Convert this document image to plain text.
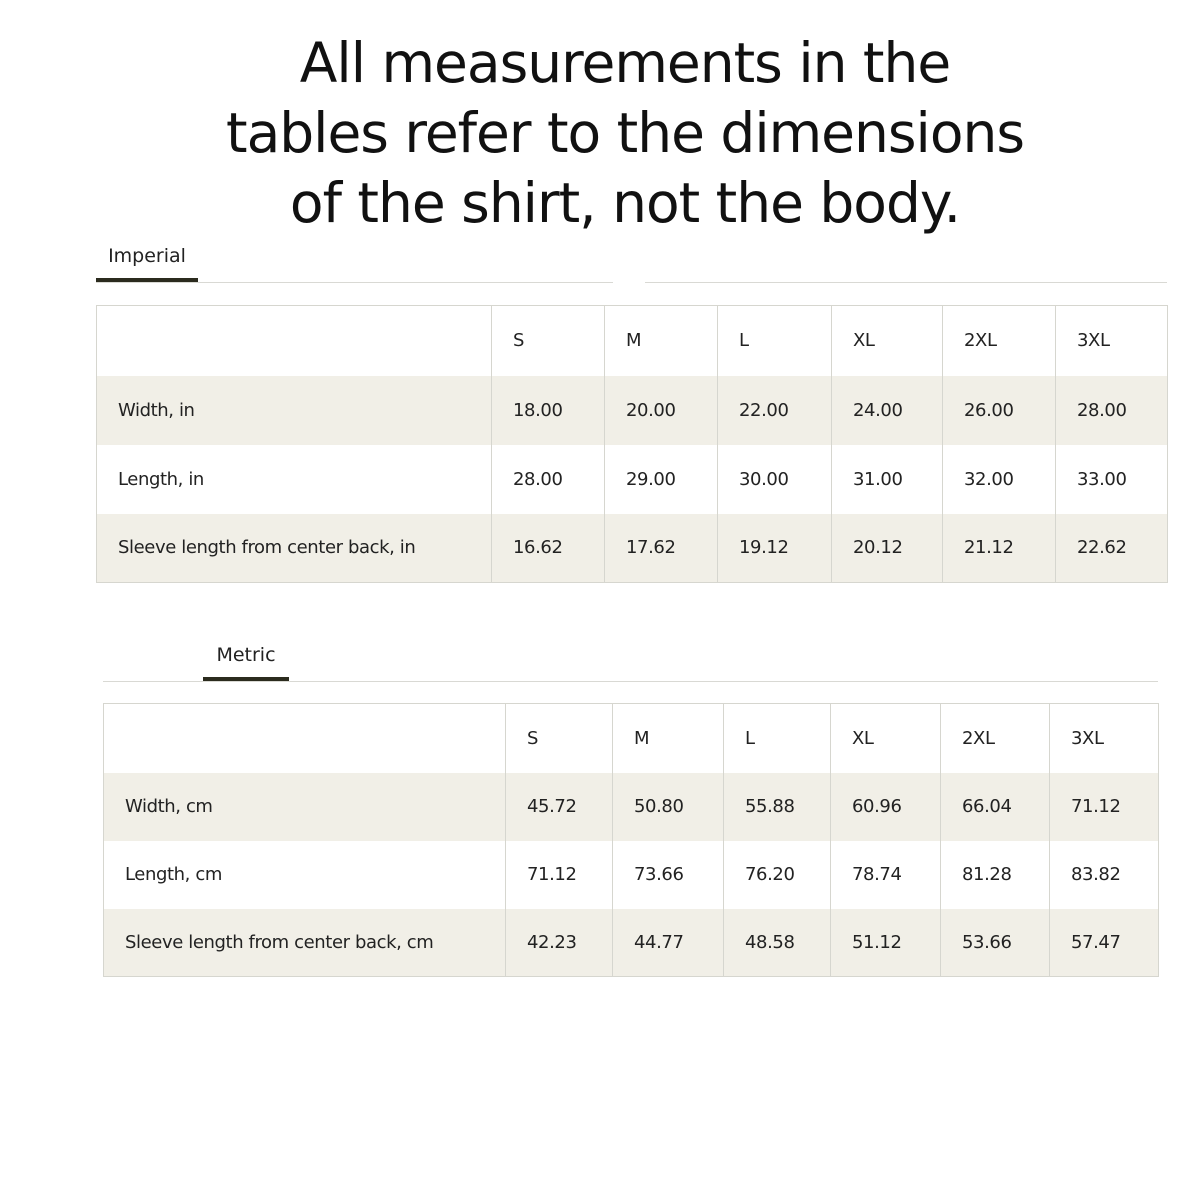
All measurements in the
tables refer to the dimensions
of the shirt, not the body.
Imperial
	S	M	L	XL	2XL	3XL
Width, in	18.00	20.00	22.00	24.00	26.00	28.00
Length, in	28.00	29.00	30.00	31.00	32.00	33.00
Sleeve length from center back, in	16.62	17.62	19.12	20.12	21.12	22.62
Metric
	S	M	L	XL	2XL	3XL
Width, cm	45.72	50.80	55.88	60.96	66.04	71.12
Length, cm	71.12	73.66	76.20	78.74	81.28	83.82
Sleeve length from center back, cm	42.23	44.77	48.58	51.12	53.66	57.47
